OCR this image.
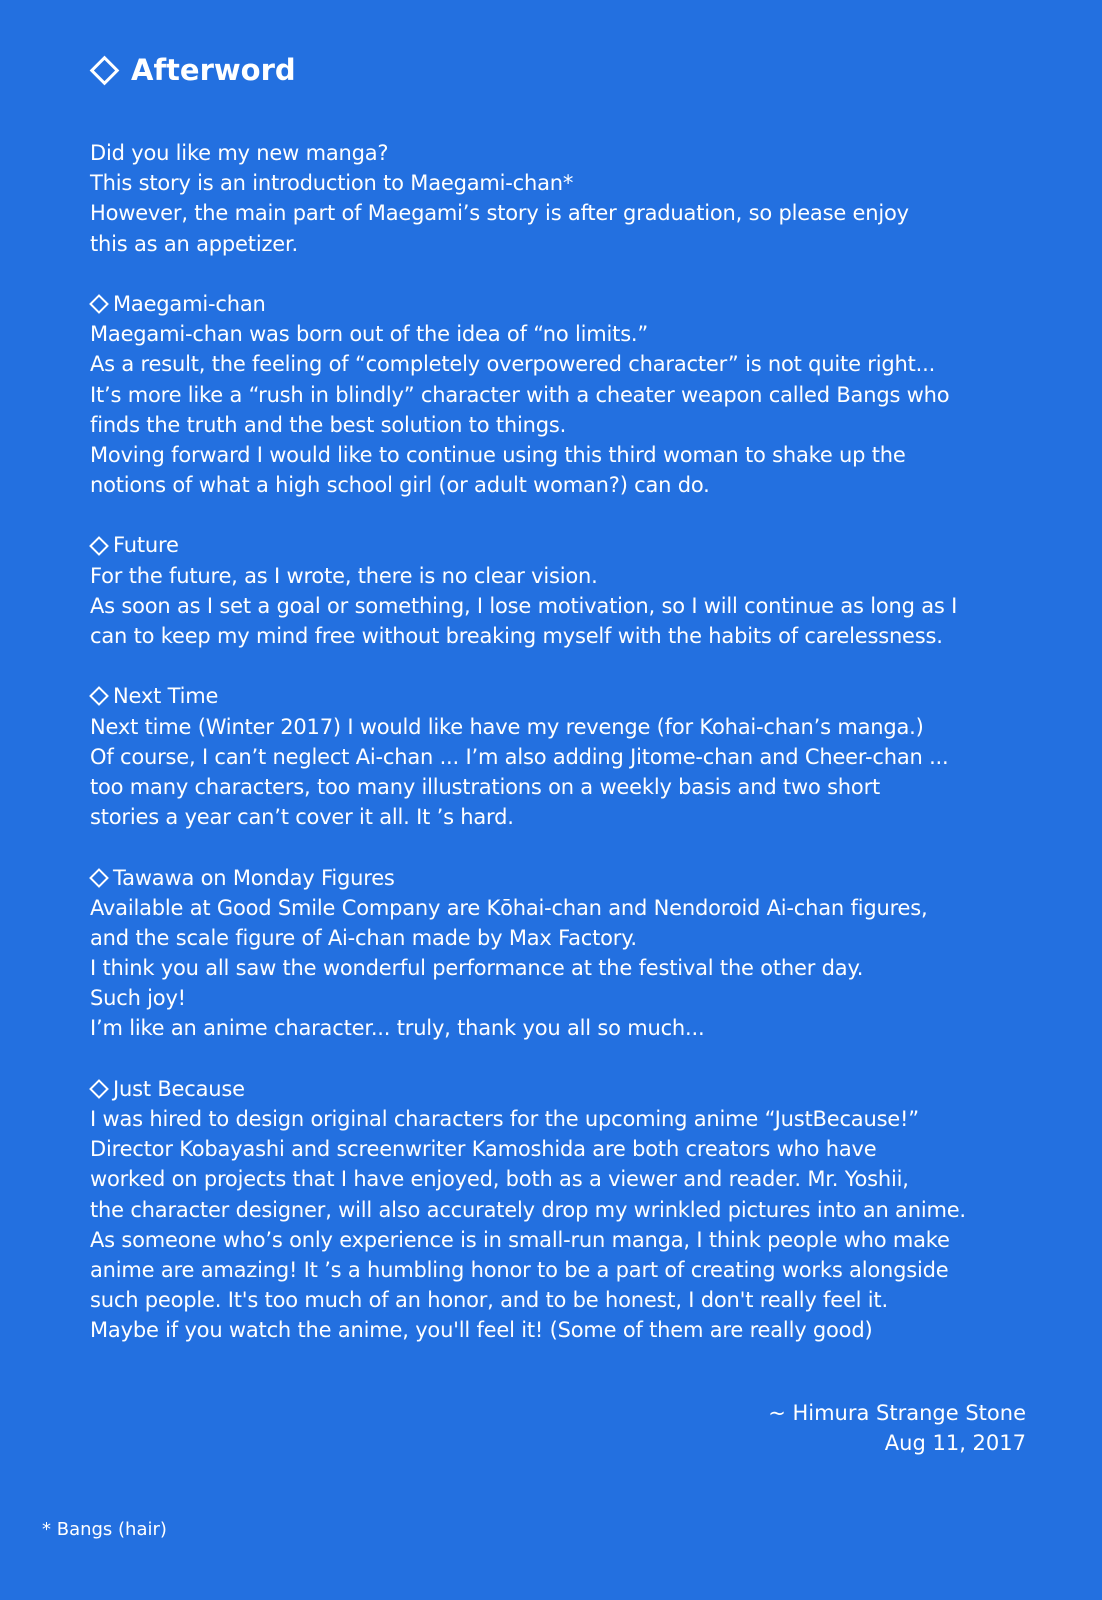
Afterword
Did you like my new manga?
This story is an introduction to Maegami-chan*
However, the main part of Maegami’s story is after graduation, so please enjoy
this as an appetizer.
Maegami-chan
Maegami-chan was born out of the idea of “no limits.”
As a result, the feeling of “completely overpowered character” is not quite right...
It’s more like a “rush in blindly” character with a cheater weapon called Bangs who
finds the truth and the best solution to things.
Moving forward I would like to continue using this third woman to shake up the
notions of what a high school girl (or adult woman?) can do.
Future
For the future, as I wrote, there is no clear vision.
As soon as I set a goal or something, I lose motivation, so I will continue as long as I
can to keep my mind free without breaking myself with the habits of carelessness.
Next Time
Next time (Winter 2017) I would like have my revenge (for Kohai-chan’s manga.)
Of course, I can’t neglect Ai-chan ... I’m also adding Jitome-chan and Cheer-chan ...
too many characters, too many illustrations on a weekly basis and two short
stories a year can’t cover it all. It ’s hard.
Tawawa on Monday Figures
Available at Good Smile Company are Kōhai-chan and Nendoroid Ai-chan figures,
and the scale figure of Ai-chan made by Max Factory.
I think you all saw the wonderful performance at the festival the other day.
Such joy!
I’m like an anime character... truly, thank you all so much...
Just Because
I was hired to design original characters for the upcoming anime “JustBecause!”
Director Kobayashi and screenwriter Kamoshida are both creators who have
worked on projects that I have enjoyed, both as a viewer and reader. Mr. Yoshii,
the character designer, will also accurately drop my wrinkled pictures into an anime.
As someone who’s only experience is in small-run manga, I think people who make
anime are amazing! It ’s a humbling honor to be a part of creating works alongside
such people. It's too much of an honor, and to be honest, I don't really feel it.
Maybe if you watch the anime, you'll feel it! (Some of them are really good)
~ Himura Strange Stone
Aug 11, 2017
* Bangs (hair)
